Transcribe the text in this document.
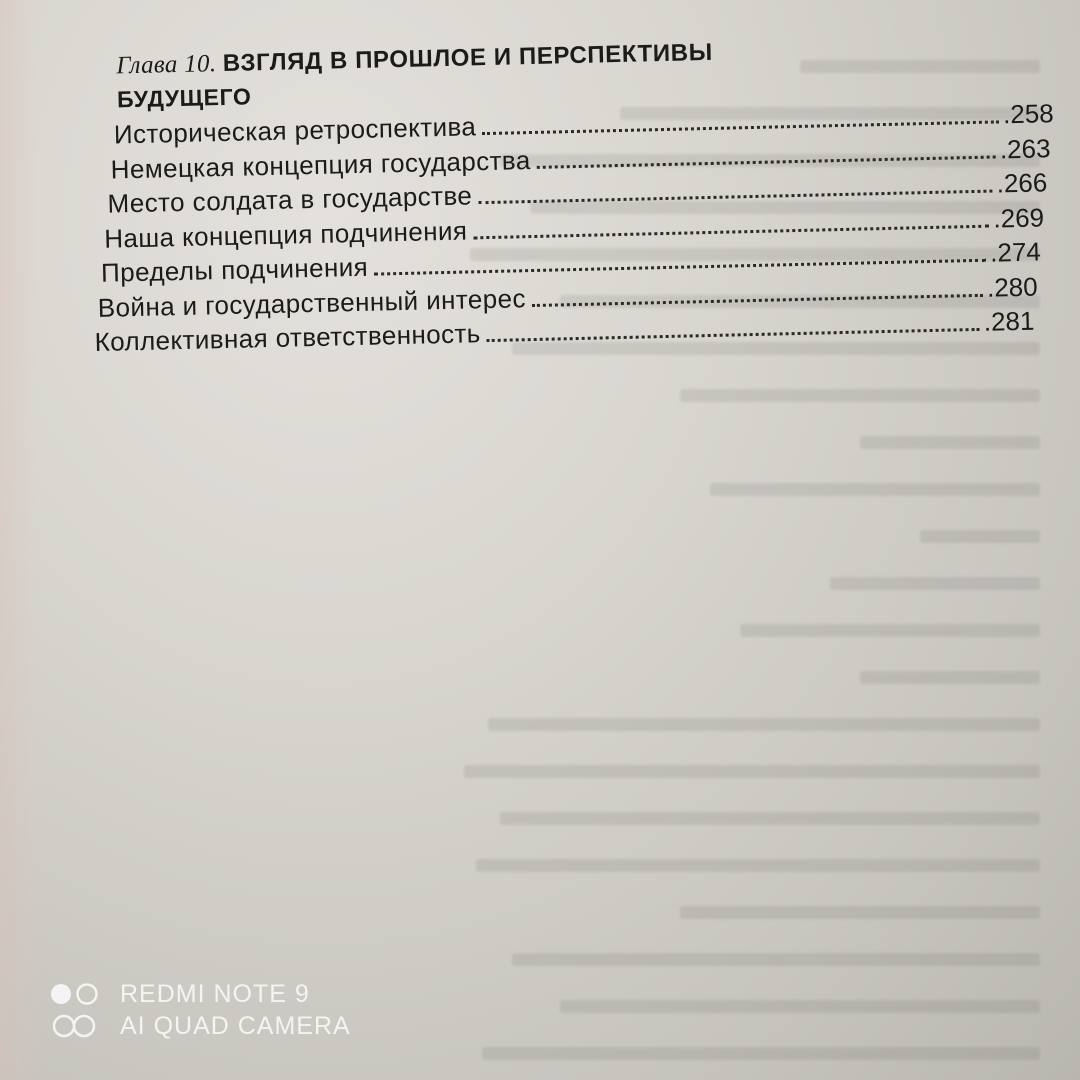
Глава 10. ВЗГЛЯД В ПРОШЛОЕ И ПЕРСПЕКТИВЫ
БУДУЩЕГО
Историческая ретроспектива	.258
Немецкая концепция государства	.263
Место солдата в государстве	.266
Наша концепция подчинения	.269
Пределы подчинения	.274
Война и государственный интерес	.280
Коллективная ответственность	.281
REDMI NOTE 9
AI QUAD CAMERA
